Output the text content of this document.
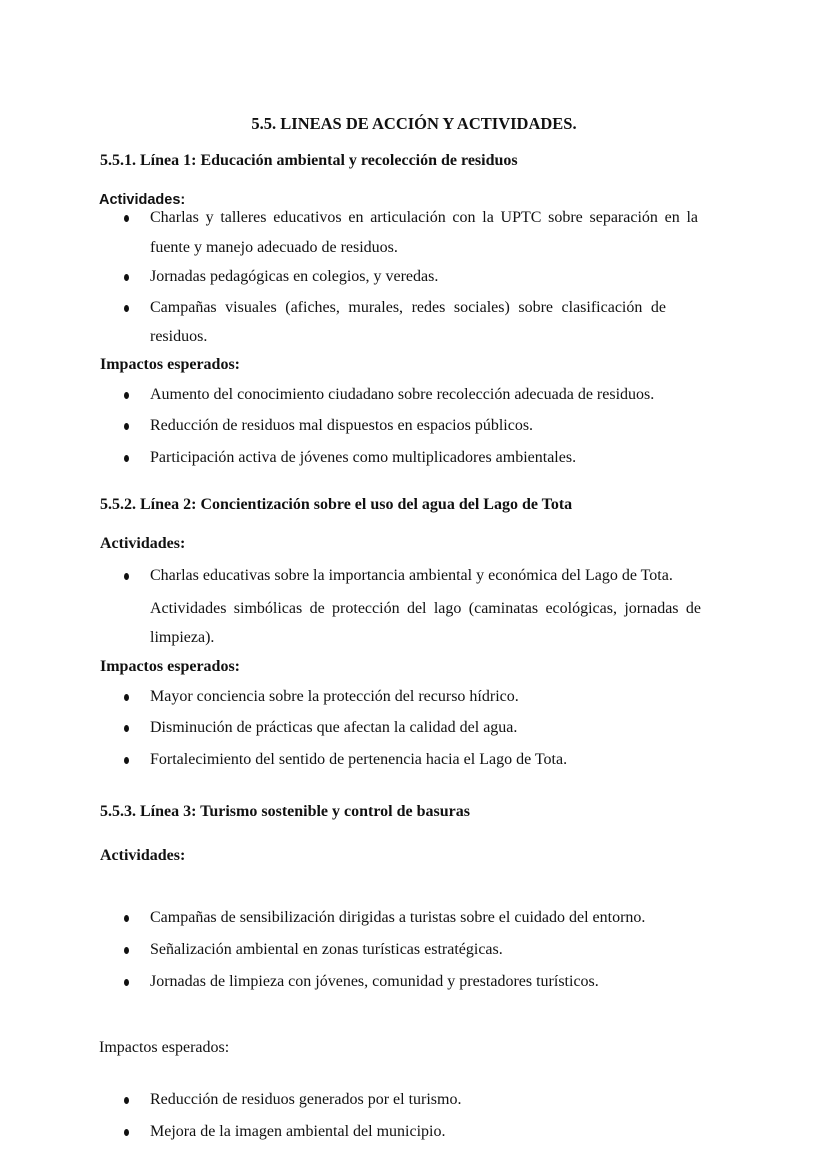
5.5. LINEAS DE ACCIÓN Y ACTIVIDADES.
5.5.1. Línea 1: Educación ambiental y recolección de residuos
Actividades:
Charlas y talleres educativos en articulación con la UPTC sobre separación en la
fuente y manejo adecuado de residuos.
Jornadas pedagógicas en colegios, y veredas.
Campañas visuales (afiches, murales, redes sociales) sobre clasificación de
residuos.
Impactos esperados:
Aumento del conocimiento ciudadano sobre recolección adecuada de residuos.
Reducción de residuos mal dispuestos en espacios públicos.
Participación activa de jóvenes como multiplicadores ambientales.
5.5.2. Línea 2: Concientización sobre el uso del agua del Lago de Tota
Actividades:
Charlas educativas sobre la importancia ambiental y económica del Lago de Tota.
Actividades simbólicas de protección del lago (caminatas ecológicas, jornadas de
limpieza).
Impactos esperados:
Mayor conciencia sobre la protección del recurso hídrico.
Disminución de prácticas que afectan la calidad del agua.
Fortalecimiento del sentido de pertenencia hacia el Lago de Tota.
5.5.3. Línea 3: Turismo sostenible y control de basuras
Actividades:
Campañas de sensibilización dirigidas a turistas sobre el cuidado del entorno.
Señalización ambiental en zonas turísticas estratégicas.
Jornadas de limpieza con jóvenes, comunidad y prestadores turísticos.
Impactos esperados:
Reducción de residuos generados por el turismo.
Mejora de la imagen ambiental del municipio.
